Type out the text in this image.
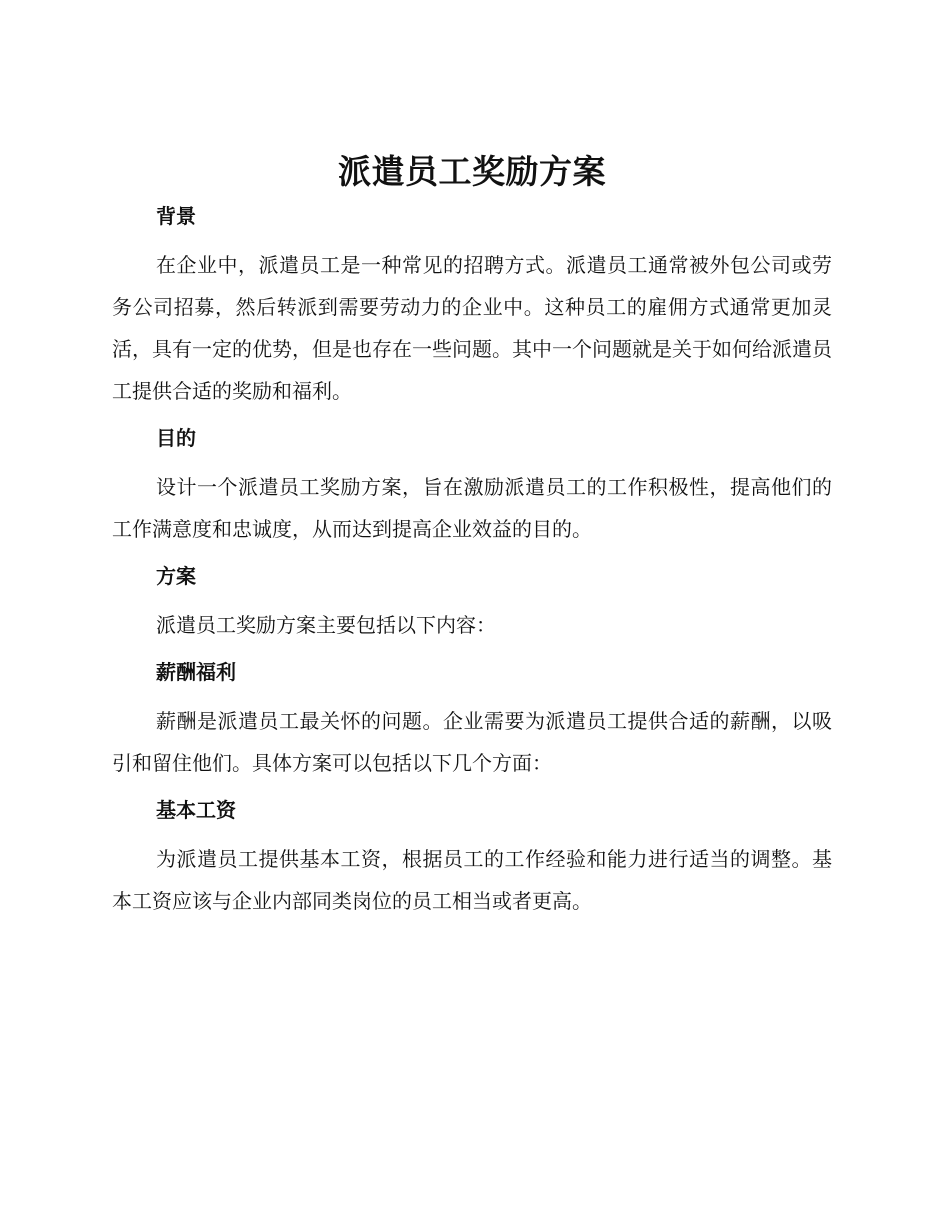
派遣员工奖励方案
背景

在企业中，派遣员工是一种常见的招聘方式。派遣员工通常被外包公司或劳务公司招募，然后转派到需要劳动力的企业中。这种员工的雇佣方式通常更加灵活，具有一定的优势，但是也存在一些问题。其中一个问题就是关于如何给派遣员工提供合适的奖励和福利。

目的

设计一个派遣员工奖励方案，旨在激励派遣员工的工作积极性，提高他们的工作满意度和忠诚度，从而达到提高企业效益的目的。

方案

派遣员工奖励方案主要包括以下内容：

薪酬福利

薪酬是派遣员工最关怀的问题。企业需要为派遣员工提供合适的薪酬，以吸引和留住他们。具体方案可以包括以下几个方面：

基本工资

为派遣员工提供基本工资，根据员工的工作经验和能力进行适当的调整。基本工资应该与企业内部同类岗位的员工相当或者更高。
